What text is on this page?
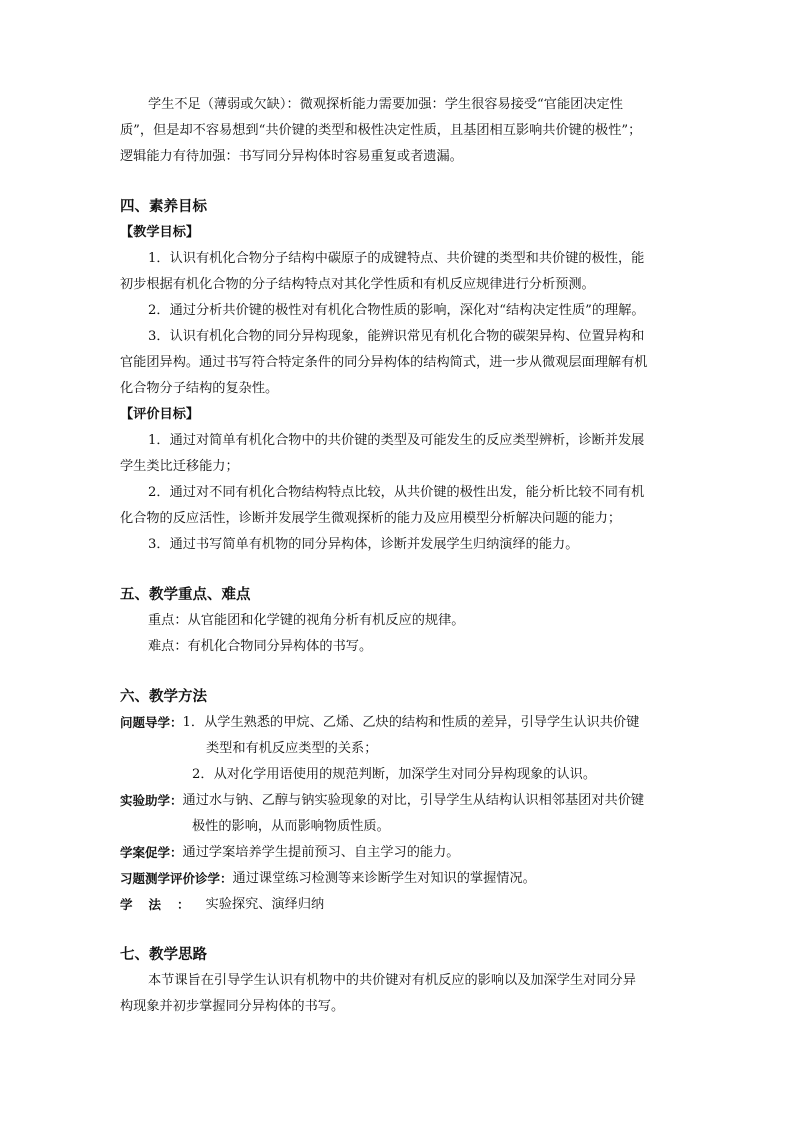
学生不足（薄弱或欠缺）：微观探析能力需要加强：学生很容易接受“官能团决定性

质”，但是却不容易想到“共价键的类型和极性决定性质，且基团相互影响共价键的极性”；

逻辑能力有待加强：书写同分异构体时容易重复或者遗漏。

四、素养目标

【教学目标】

1．认识有机化合物分子结构中碳原子的成键特点、共价键的类型和共价键的极性，能

初步根据有机化合物的分子结构特点对其化学性质和有机反应规律进行分析预测。

2．通过分析共价键的极性对有机化合物性质的影响，深化对“结构决定性质”的理解。

3．认识有机化合物的同分异构现象，能辨识常见有机化合物的碳架异构、位置异构和

官能团异构。通过书写符合特定条件的同分异构体的结构简式，进一步从微观层面理解有机

化合物分子结构的复杂性。

【评价目标】

1．通过对简单有机化合物中的共价键的类型及可能发生的反应类型辨析，诊断并发展

学生类比迁移能力；

2．通过对不同有机化合物结构特点比较，从共价键的极性出发，能分析比较不同有机

化合物的反应活性，诊断并发展学生微观探析的能力及应用模型分析解决问题的能力；

3．通过书写简单有机物的同分异构体，诊断并发展学生归纳演绎的能力。

五、教学重点、难点

重点：从官能团和化学键的视角分析有机反应的规律。

难点：有机化合物同分异构体的书写。

六、教学方法

问题导学： 1．从学生熟悉的甲烷、乙烯、乙炔的结构和性质的差异，引导学生认识共价键

类型和有机反应类型的关系；

2．从对化学用语使用的规范判断，加深学生对同分异构现象的认识。

实验助学： 通过水与钠、乙醇与钠实验现象的对比，引导学生从结构认识相邻基团对共价键

极性的影响，从而影响物质性质。

学案促学： 通过学案培养学生提前预习、自主学习的能力。
习题测学评价诊学： 通过课堂练习检测等来诊断学生对知识的掌握情况。
学法： 实验探究、演绎归纳

七、教学思路

本节课旨在引导学生认识有机物中的共价键对有机反应的影响以及加深学生对同分异

构现象并初步掌握同分异构体的书写。
